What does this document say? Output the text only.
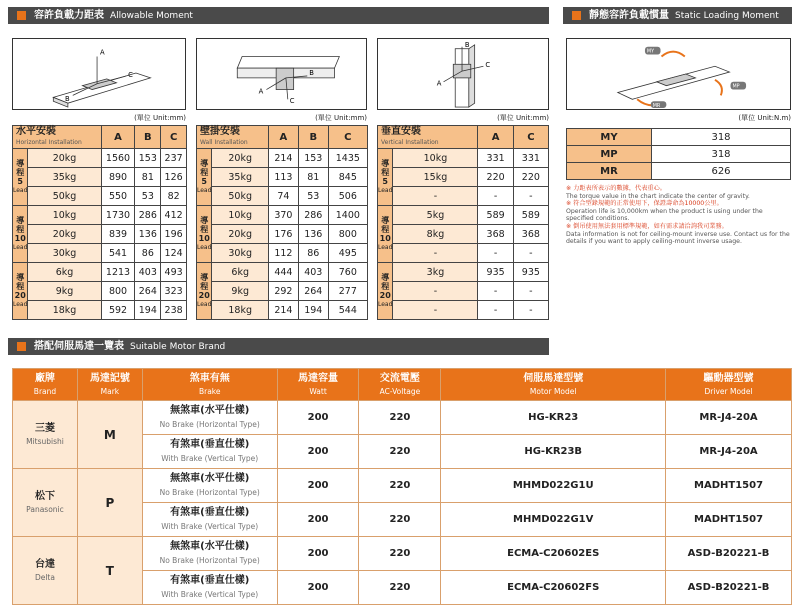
容許負載力距表 Allowable Moment	靜態容許負載慣量 Static Loading Moment
A
C
B
A
B
C
B
C
A
MY
MP
MR
(單位 Unit:mm)	(單位 Unit:mm)	(單位 Unit:mm)	(單位 Unit:N.m)
水平安裝
Horizontal Installation		A	B	C
導程
5
Lead	20kg	1560	153	237
	35kg	890	81	126
	50kg	550	53	82
導程
10
Lead	10kg	1730	286	412
	20kg	839	136	196
	30kg	541	86	124
導程
20
Lead	6kg	1213	403	493
	9kg	800	264	323
	18kg	592	194	238
壁掛安裝
Wall Installation		A	B	C
導程
5
Lead	20kg	214	153	1435
	35kg	113	81	845
	50kg	74	53	506
導程
10
Lead	10kg	370	286	1400
	20kg	176	136	800
	30kg	112	86	495
導程
20
Lead	6kg	444	403	760
	9kg	292	264	277
	18kg	214	194	544
垂直安裝
Vertical Installation		A	C
導程
5
Lead	10kg	331	331
	15kg	220	220
	-	-	-
導程
10
Lead	5kg	589	589
	8kg	368	368
	-	-	-
導程
20
Lead	3kg	935	935
	-	-	-
	-	-	-
MY	318
MP	318
MR	626
※ 力距表所表示的數據，代表重心。
The torque value in the chart indicate the center of gravity.
※ 符合型錄規範的正常使用下，保證壽命為10000公里。
Operation life is 10,000km when the product is using under the specified conditions.
※ 倒吊使用無法套用標準規範，如有需求請洽詢我司業務。
Data information is not for ceiling-mount inverse use. Contact us for the details if you want to apply ceiling-mount inverse usage.
搭配伺服馬達一覽表 Suitable Motor Brand
廠牌
Brand	馬達記號
Mark	煞車有無
Brake	馬達容量
Watt	交流電壓
AC-Voltage	伺服馬達型號
Motor Model	驅動器型號
Driver Model

三菱
Mitsubishi	M	無煞車(水平仕樣)
No Brake (Horizontal Type)	200	220	HG-KR23	MR-J4-20A
		有煞車(垂直仕樣)
With Brake (Vertical Type)	200	220	HG-KR23B	MR-J4-20A
松下
Panasonic	P	無煞車(水平仕樣)
No Brake (Horizontal Type)	200	220	MHMD022G1U	MADHT1507
		有煞車(垂直仕樣)
With Brake (Vertical Type)	200	220	MHMD022G1V	MADHT1507
台達
Delta	T	無煞車(水平仕樣)
No Brake (Horizontal Type)	200	220	ECMA-C20602ES	ASD-B20221-B
		有煞車(垂直仕樣)
With Brake (Vertical Type)	200	220	ECMA-C20602FS	ASD-B20221-B
